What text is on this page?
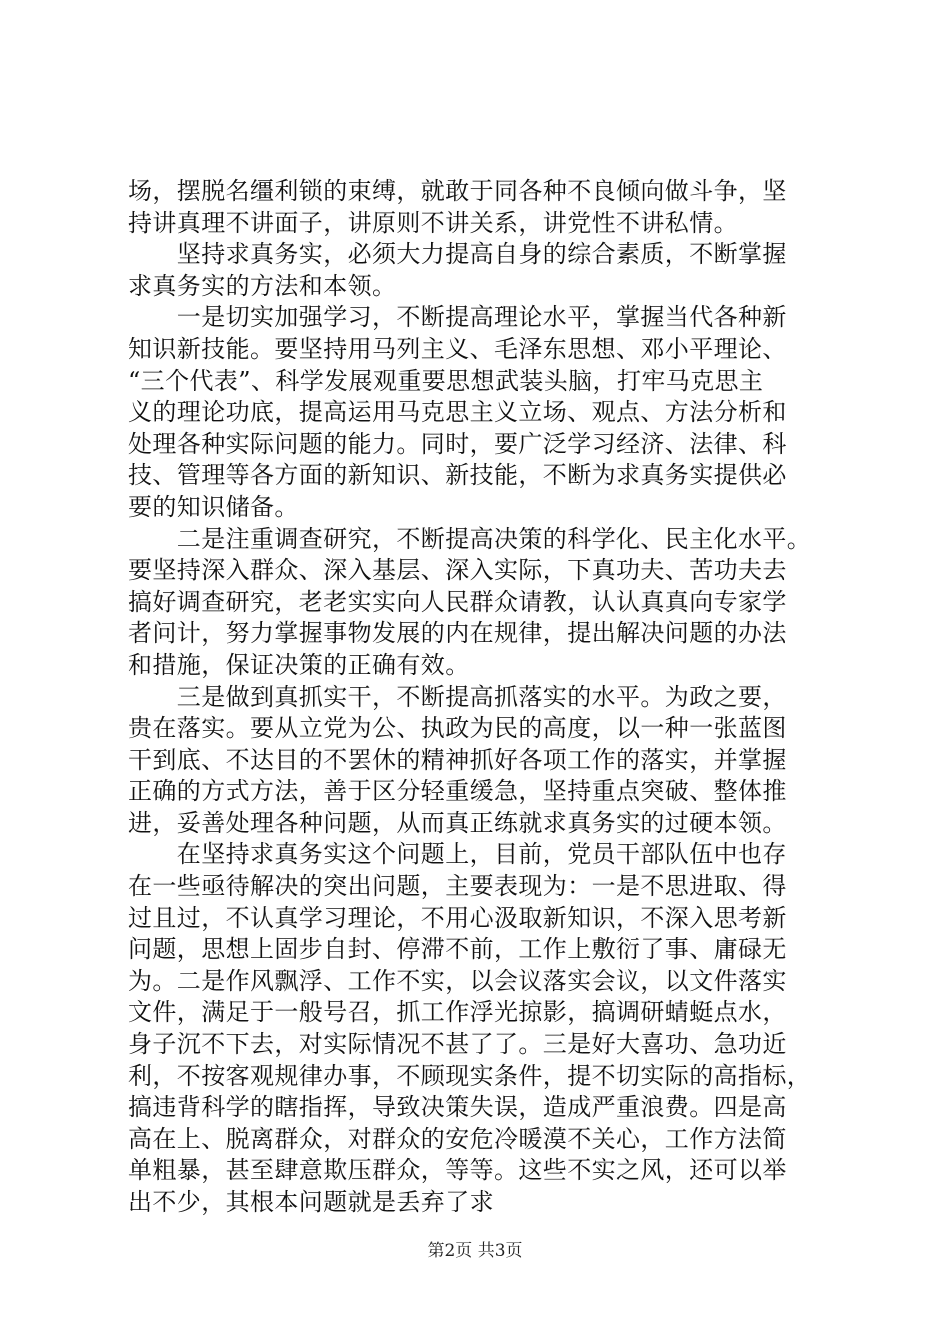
场，摆脱名缰利锁的束缚，就敢于同各种不良倾向做斗争，坚
持讲真理不讲面子，讲原则不讲关系，讲党性不讲私情。
　　坚持求真务实，必须大力提高自身的综合素质，不断掌握
求真务实的方法和本领。
　　一是切实加强学习，不断提高理论水平，掌握当代各种新
知识新技能。要坚持用马列主义、毛泽东思想、邓小平理论、
“三个代表”、科学发展观重要思想武装头脑，打牢马克思主
义的理论功底，提高运用马克思主义立场、观点、方法分析和
处理各种实际问题的能力。同时，要广泛学习经济、法律、科
技、管理等各方面的新知识、新技能，不断为求真务实提供必
要的知识储备。
　　二是注重调查研究，不断提高决策的科学化、民主化水平。
要坚持深入群众、深入基层、深入实际，下真功夫、苦功夫去
搞好调查研究，老老实实向人民群众请教，认认真真向专家学
者问计，努力掌握事物发展的内在规律，提出解决问题的办法
和措施，保证决策的正确有效。
　　三是做到真抓实干，不断提高抓落实的水平。为政之要，
贵在落实。要从立党为公、执政为民的高度，以一种一张蓝图
干到底、不达目的不罢休的精神抓好各项工作的落实，并掌握
正确的方式方法，善于区分轻重缓急，坚持重点突破、整体推
进，妥善处理各种问题，从而真正练就求真务实的过硬本领。
　　在坚持求真务实这个问题上，目前，党员干部队伍中也存
在一些亟待解决的突出问题，主要表现为：一是不思进取、得
过且过，不认真学习理论，不用心汲取新知识，不深入思考新
问题，思想上固步自封、停滞不前，工作上敷衍了事、庸碌无
为。二是作风飘浮、工作不实，以会议落实会议，以文件落实
文件，满足于一般号召，抓工作浮光掠影，搞调研蜻蜓点水，
身子沉不下去，对实际情况不甚了了。三是好大喜功、急功近
利，不按客观规律办事，不顾现实条件，提不切实际的高指标，
搞违背科学的瞎指挥，导致决策失误，造成严重浪费。四是高
高在上、脱离群众，对群众的安危冷暖漠不关心，工作方法简
单粗暴，甚至肆意欺压群众，等等。这些不实之风，还可以举
出不少，其根本问题就是丢弃了求
第2页 共3页
